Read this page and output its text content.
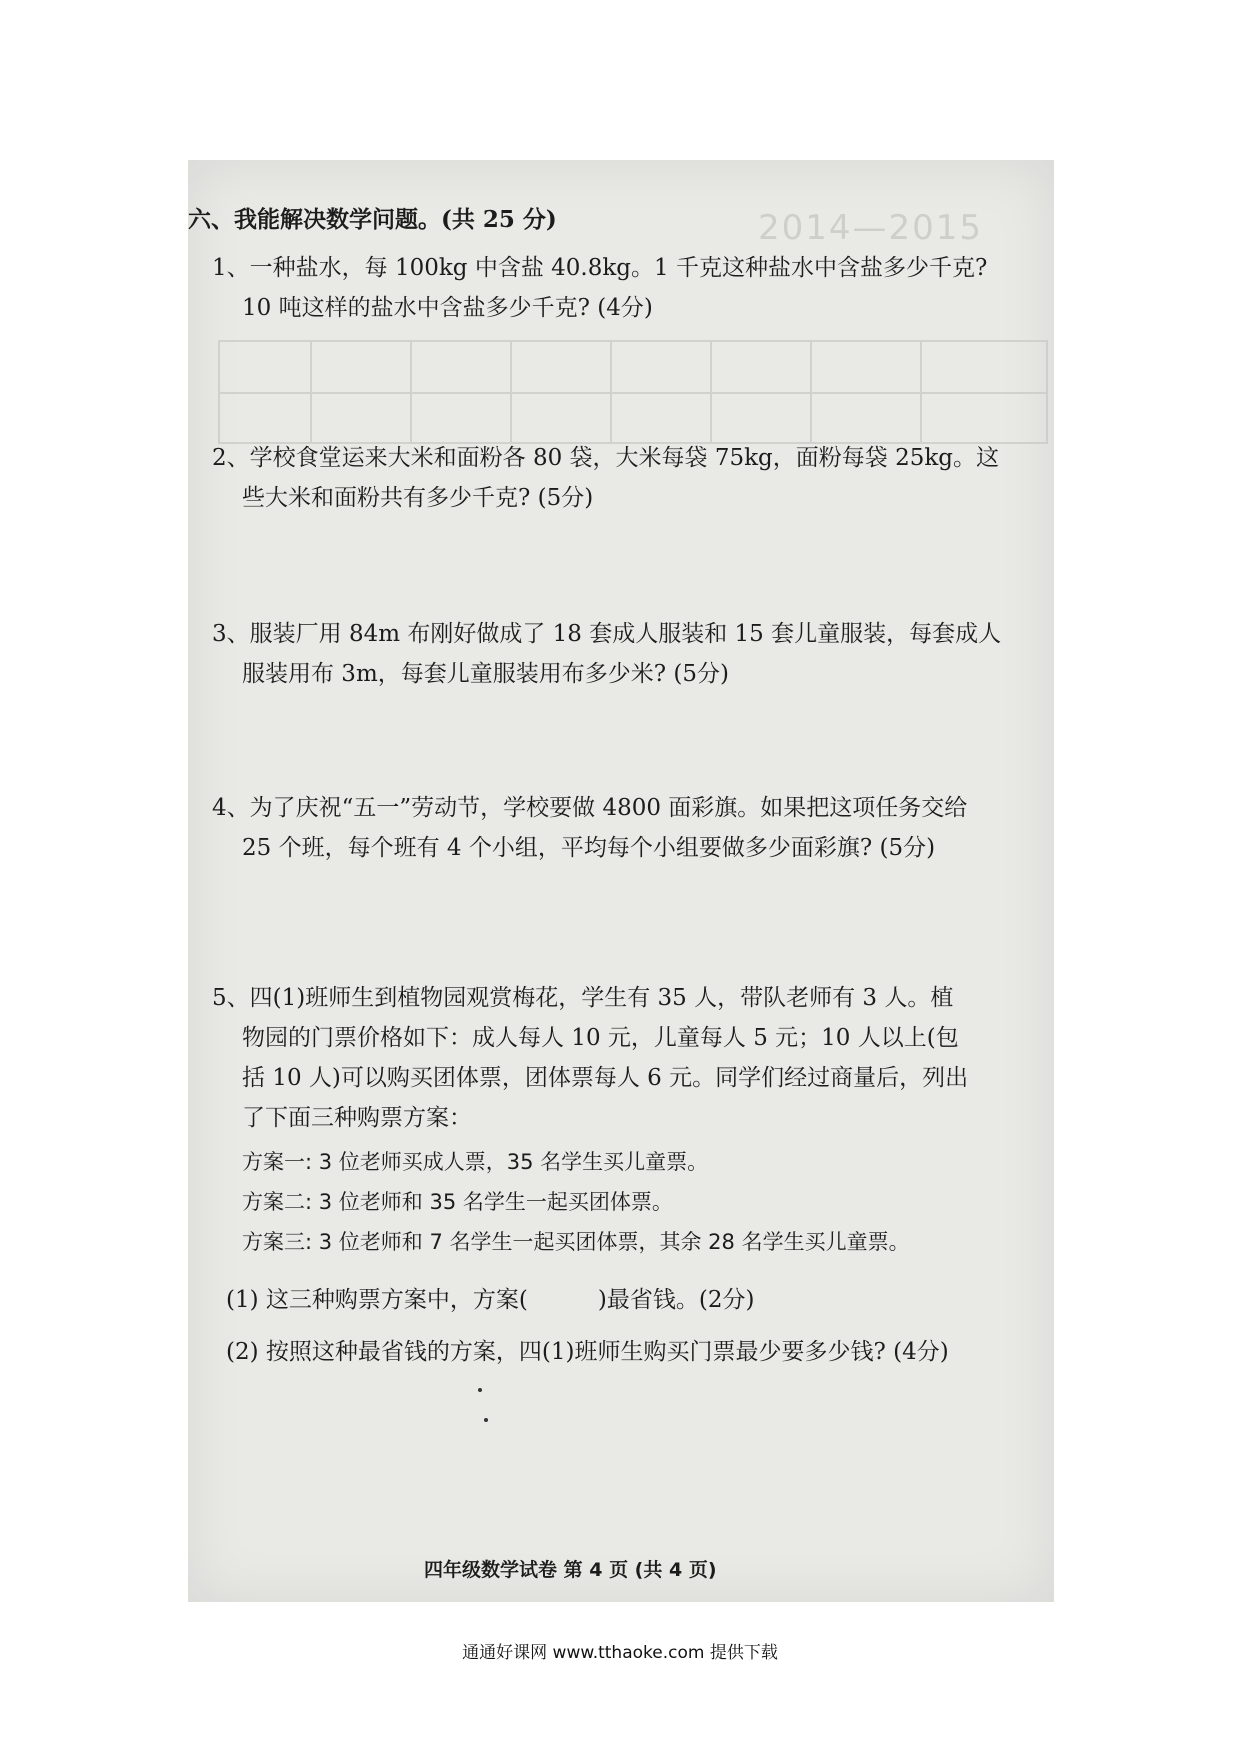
2014—2015
六、我能解决数学问题。(共 25 分)
1、一种盐水，每 100kg 中含盐 40.8kg。1 千克这种盐水中含盐多少千克?
10 吨这样的盐水中含盐多少千克? (4分)
2、学校食堂运来大米和面粉各 80 袋，大米每袋 75kg，面粉每袋 25kg。这
些大米和面粉共有多少千克? (5分)
3、服装厂用 84m 布刚好做成了 18 套成人服装和 15 套儿童服装，每套成人
服装用布 3m，每套儿童服装用布多少米? (5分)
4、为了庆祝“五一”劳动节，学校要做 4800 面彩旗。如果把这项任务交给
25 个班，每个班有 4 个小组，平均每个小组要做多少面彩旗? (5分)
5、四(1)班师生到植物园观赏梅花，学生有 35 人，带队老师有 3 人。植
物园的门票价格如下：成人每人 10 元，儿童每人 5 元；10 人以上(包
括 10 人)可以购买团体票，团体票每人 6 元。同学们经过商量后，列出
了下面三种购票方案：
方案一: 3 位老师买成人票，35 名学生买儿童票。
方案二: 3 位老师和 35 名学生一起买团体票。
方案三: 3 位老师和 7 名学生一起买团体票，其余 28 名学生买儿童票。
(1) 这三种购票方案中，方案(	)最省钱。(2分)
(2) 按照这种最省钱的方案，四(1)班师生购买门票最少要多少钱? (4分)
四年级数学试卷 第 4 页 (共 4 页)
通通好课网 www.tthaoke.com 提供下载
